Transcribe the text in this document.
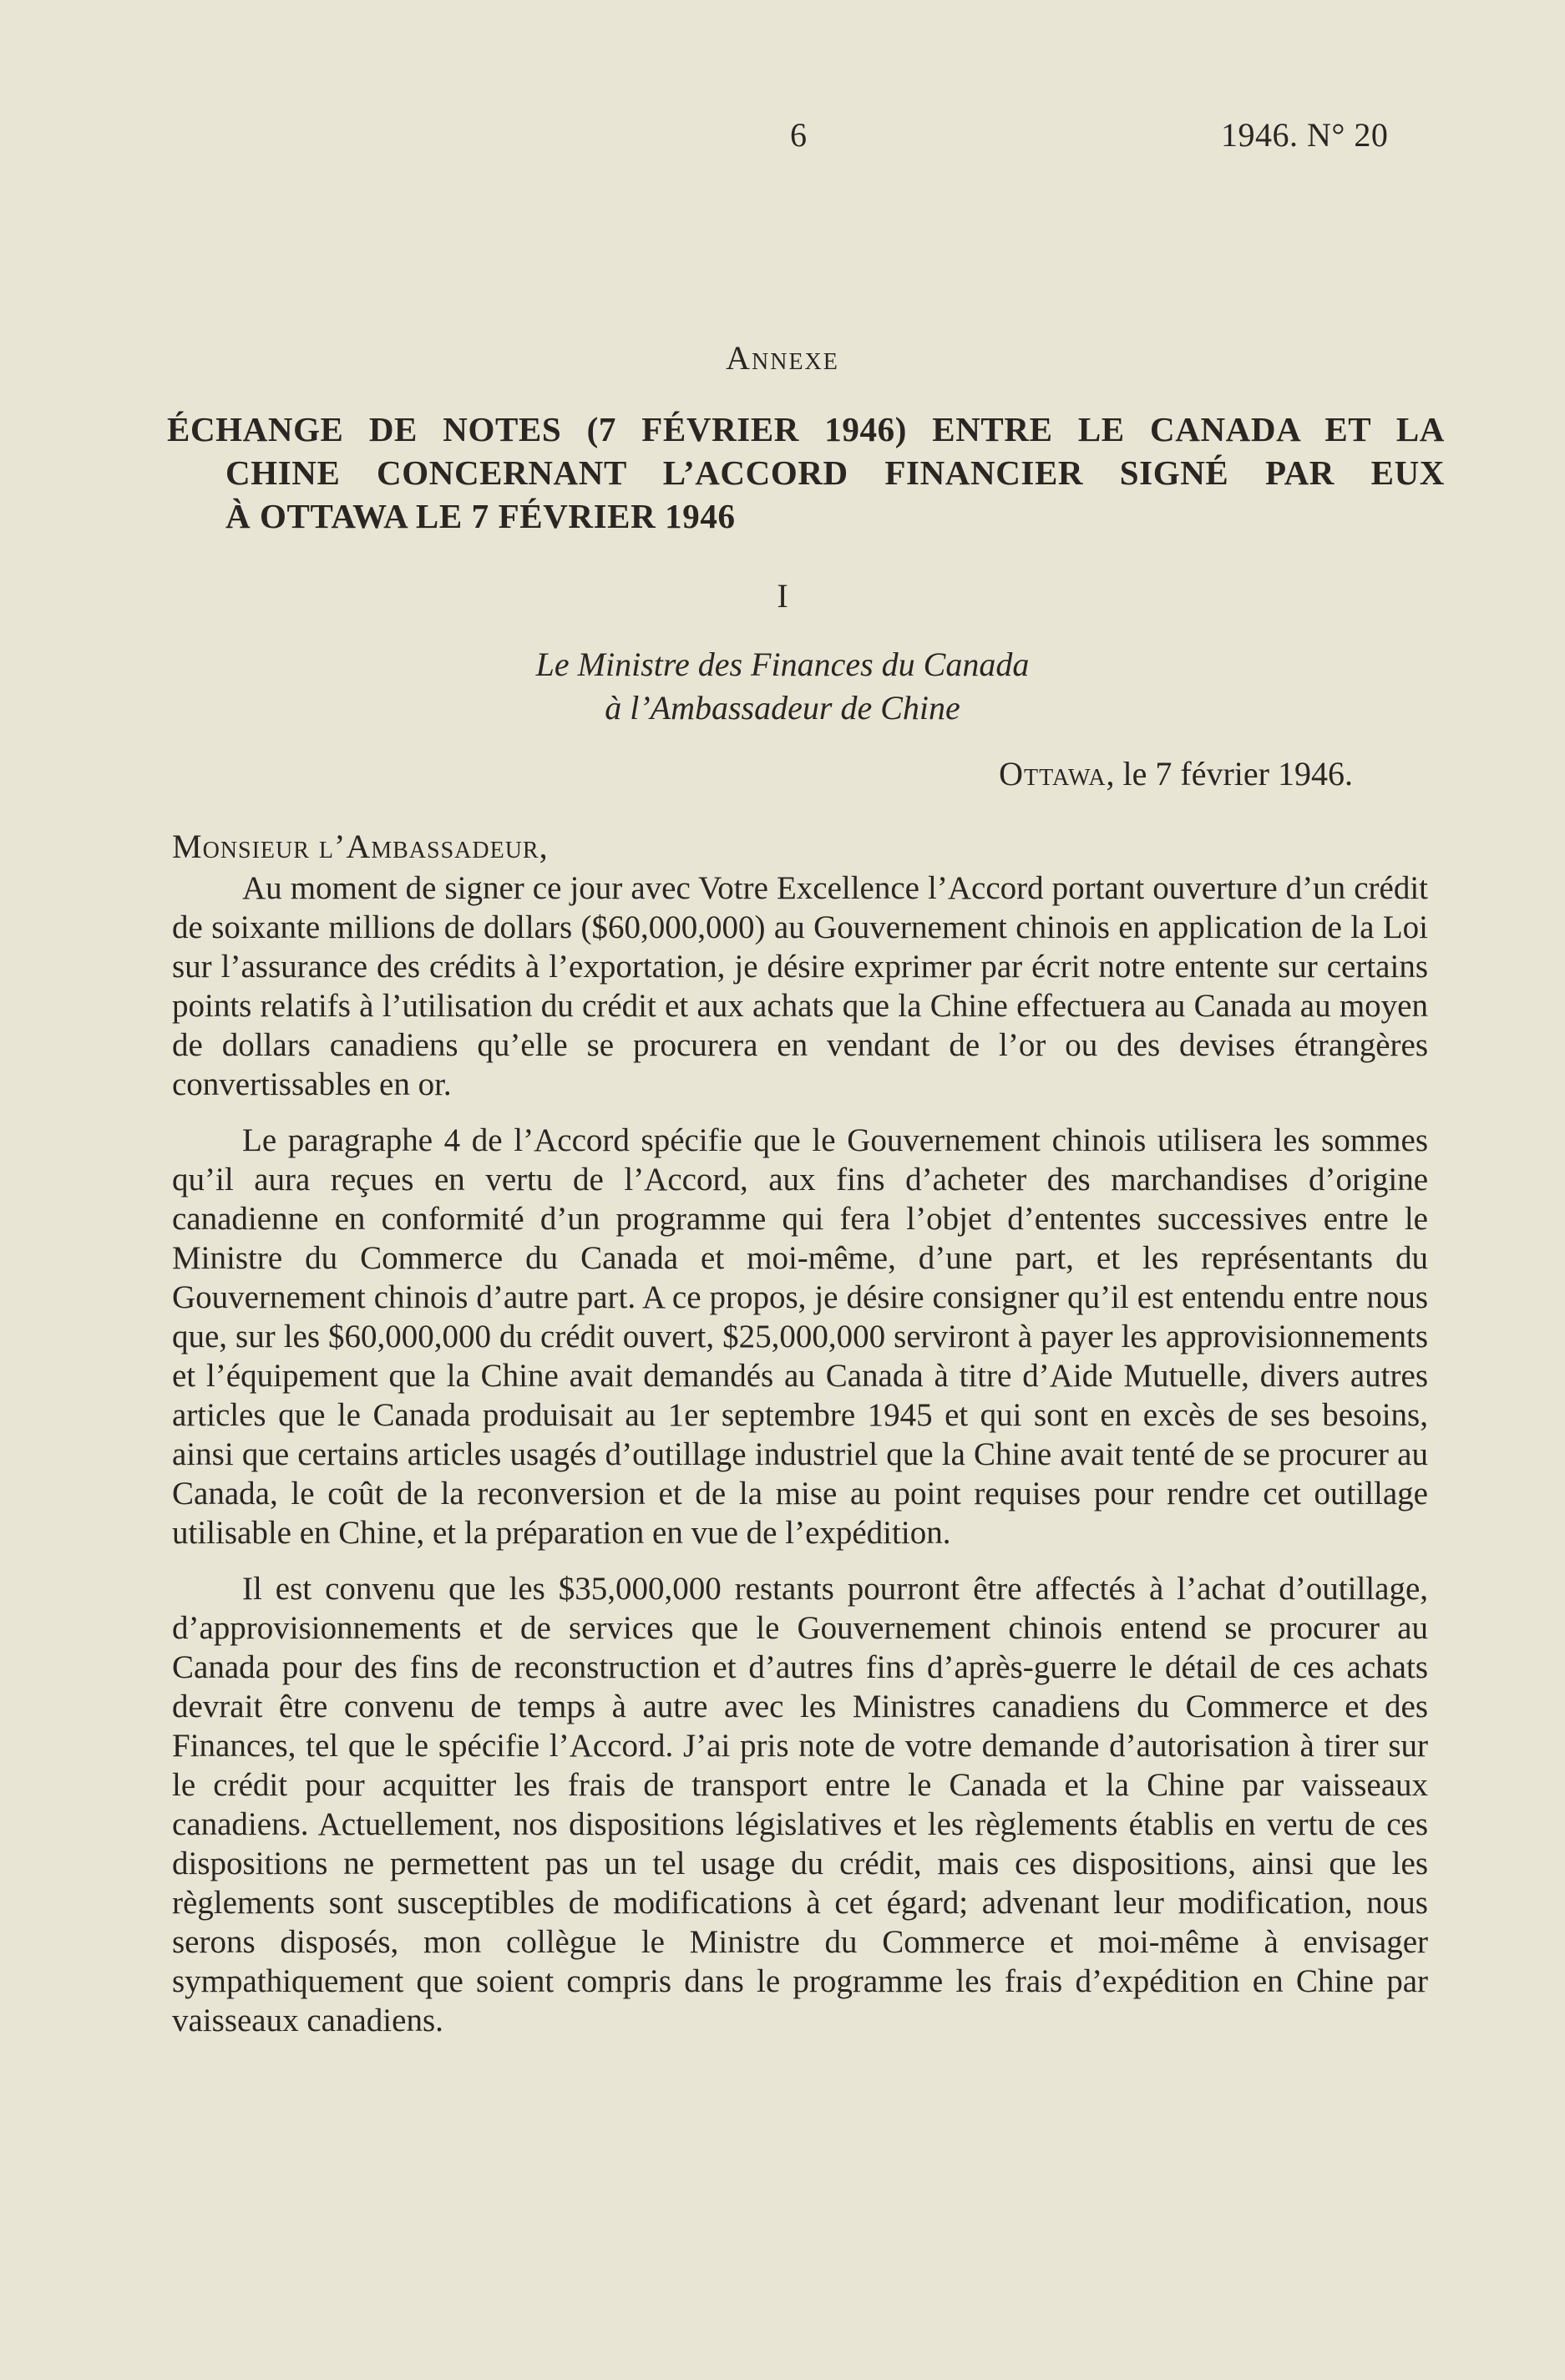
6	1946. N° 20
Annexe
ÉCHANGE DE NOTES (7 FÉVRIER 1946) ENTRE LE CANADA ET LA
CHINE CONCERNANT L’ACCORD FINANCIER SIGNÉ PAR EUX
À OTTAWA LE 7 FÉVRIER 1946
I
Le Ministre des Finances du Canada
à l’Ambassadeur de Chine
Ottawa, le 7 février 1946.
Monsieur l’Ambassadeur,

Au moment de signer ce jour avec Votre Excellence l’Accord portant ouverture d’un crédit de soixante millions de dollars ($60,000,000) au Gouvernement chinois en application de la Loi sur l’assurance des crédits à l’exportation, je désire exprimer par écrit notre entente sur certains points relatifs à l’utilisation du crédit et aux achats que la Chine effectuera au Canada au moyen de dollars canadiens qu’elle se procurera en vendant de l’or ou des devises étrangères convertissables en or.

Le paragraphe 4 de l’Accord spécifie que le Gouvernement chinois utilisera les sommes qu’il aura reçues en vertu de l’Accord, aux fins d’acheter des marchandises d’origine canadienne en conformité d’un programme qui fera l’objet d’ententes successives entre le Ministre du Commerce du Canada et moi-même, d’une part, et les représentants du Gouvernement chinois d’autre part. A ce propos, je désire consigner qu’il est entendu entre nous que, sur les $60,000,000 du crédit ouvert, $25,000,000 serviront à payer les approvisionnements et l’équipement que la Chine avait demandés au Canada à titre d’Aide Mutuelle, divers autres articles que le Canada produisait au 1er septembre 1945 et qui sont en excès de ses besoins, ainsi que certains articles usagés d’outillage industriel que la Chine avait tenté de se procurer au Canada, le coût de la reconversion et de la mise au point requises pour rendre cet outillage utilisable en Chine, et la préparation en vue de l’expédition.

Il est convenu que les $35,000,000 restants pourront être affectés à l’achat d’outillage, d’approvisionnements et de services que le Gouvernement chinois entend se procurer au Canada pour des fins de reconstruction et d’autres fins d’après-guerre le détail de ces achats devrait être convenu de temps à autre avec les Ministres canadiens du Commerce et des Finances, tel que le spécifie l’Accord. J’ai pris note de votre demande d’autorisation à tirer sur le crédit pour acquitter les frais de transport entre le Canada et la Chine par vaisseaux canadiens. Actuellement, nos dispositions législatives et les règlements établis en vertu de ces dispositions ne permettent pas un tel usage du crédit, mais ces dispositions, ainsi que les règlements sont susceptibles de modifications à cet égard; advenant leur modification, nous serons disposés, mon collègue le Ministre du Commerce et moi-même à envisager sympathiquement que soient compris dans le programme les frais d’expédition en Chine par vaisseaux canadiens.
